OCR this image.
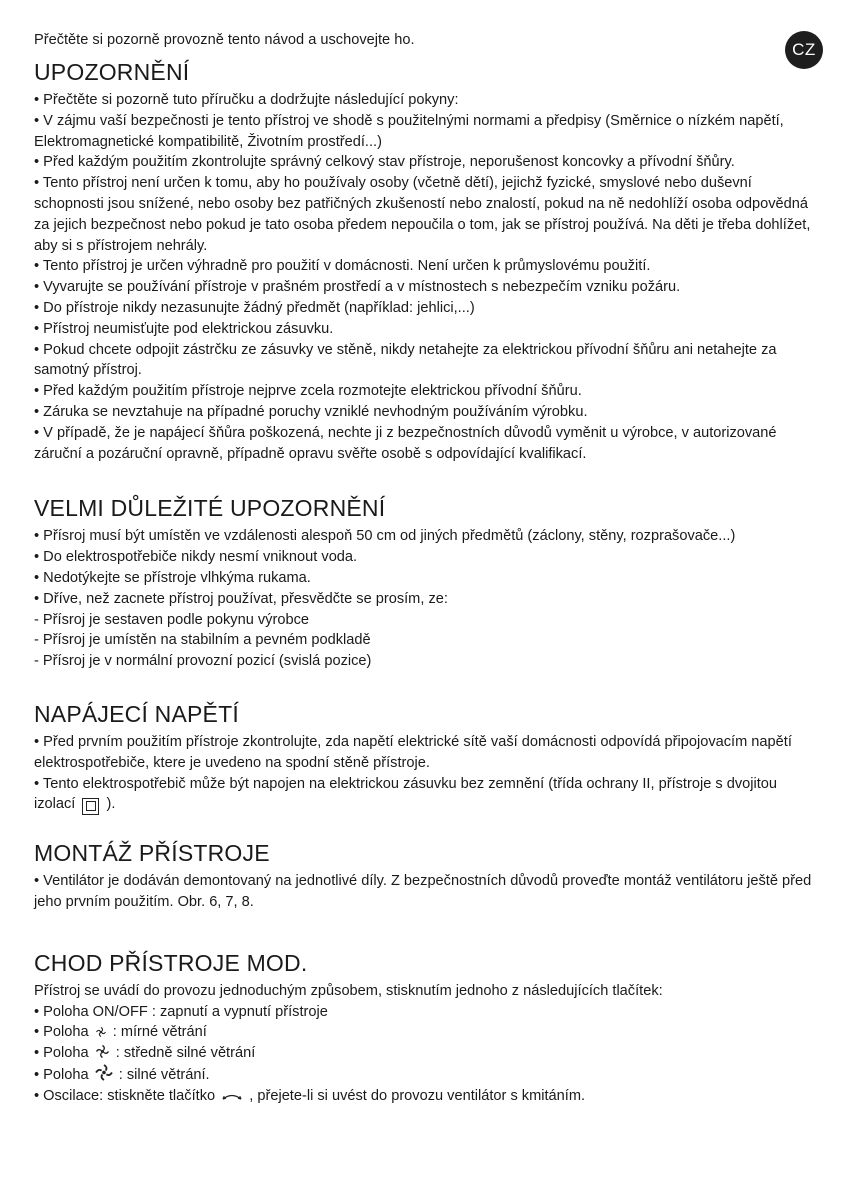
CZ

Přečtěte si pozorně provozně tento návod a uschovejte ho.

UPOZORNĚNÍ
• Přečtěte si pozorně tuto příručku a dodržujte následující pokyny:
• V zájmu vaší bezpečnosti je tento přístroj ve shodě s použitelnými normami a předpisy (Směrnice o nízkém napětí, Elektromagnetické kompatibilitě, Životním prostředí...)
• Před každým použitím zkontrolujte správný celkový stav přístroje, neporušenost koncovky a přívodní šňůry.
• Tento přístroj není určen k tomu, aby ho používaly osoby (včetně dětí), jejichž fyzické, smyslové nebo duševní schopnosti jsou snížené, nebo osoby bez patřičných zkušeností nebo znalostí, pokud na ně nedohlíží osoba odpovědná za jejich bezpečnost nebo pokud je tato osoba předem nepoučila o tom, jak se přístroj používá. Na děti je třeba dohlížet, aby si s přístrojem nehrály.
• Tento přístroj je určen výhradně pro použití v domácnosti. Není určen k průmyslovému použití.
• Vyvarujte se používání přístroje v prašném prostředí a v místnostech s nebezpečím vzniku požáru.
• Do přístroje nikdy nezasunujte žádný předmět (například: jehlici,...)
• Přístroj neumisťujte pod elektrickou zásuvku.
• Pokud chcete odpojit zástrčku ze zásuvky ve stěně, nikdy netahejte za elektrickou přívodní šňůru ani netahejte za samotný přístroj.
• Před každým použitím přístroje nejprve zcela rozmotejte elektrickou přívodní šňůru.
• Záruka se nevztahuje na případné poruchy vzniklé nevhodným používáním výrobku.
• V případě, že je napájecí šňůra poškozená, nechte ji z bezpečnostních důvodů vyměnit u výrobce, v autorizované záruční a pozáruční opravně, případně opravu svěřte osobě s odpovídající kvalifikací.
VELMI DŮLEŽITÉ UPOZORNĚNÍ
• Přísroj musí být umístěn ve vzdálenosti alespoň 50 cm od jiných předmětů (záclony, stěny, rozprašovače...)
• Do elektrospotřebiče nikdy nesmí vniknout voda.
• Nedotýkejte se přístroje vlhkýma rukama.
• Dříve, než zacnete přístroj používat, přesvědčte se prosím, ze:
- Přísroj je sestaven podle pokynu výrobce
- Přísroj je umístěn na stabilním a pevném podkladě
- Přísroj je v normální provozní pozicí (svislá pozice)
NAPÁJECÍ NAPĚTÍ
• Před prvním použitím přístroje zkontrolujte, zda napětí elektrické sítě vaší domácnosti odpovídá připojovacím napětí elektrospotřebiče, ktere je uvedeno na spodní stěně přístroje.
• Tento elektrospotřebič může být napojen na elektrickou zásuvku bez zemnění (třída ochrany II, přístroje s dvojitou izolací ).
MONTÁŽ PŘÍSTROJE
• Ventilátor je dodáván demontovaný na jednotlivé díly. Z bezpečnostních důvodů proveďte montáž ventilátoru ještě před jeho prvním použitím. Obr. 6, 7, 8.
CHOD PŘÍSTROJE MOD.
Přístroj se uvádí do provozu jednoduchým způsobem, stisknutím jednoho z následujících tlačítek:
• Poloha ON/OFF : zapnutí a vypnutí přístroje
• Poloha : mírné větrání
• Poloha : středně silné větrání
• Poloha : silné větrání.
• Oscilace: stiskněte tlačítko , přejete-li si uvést do provozu ventilátor s kmitáním.
